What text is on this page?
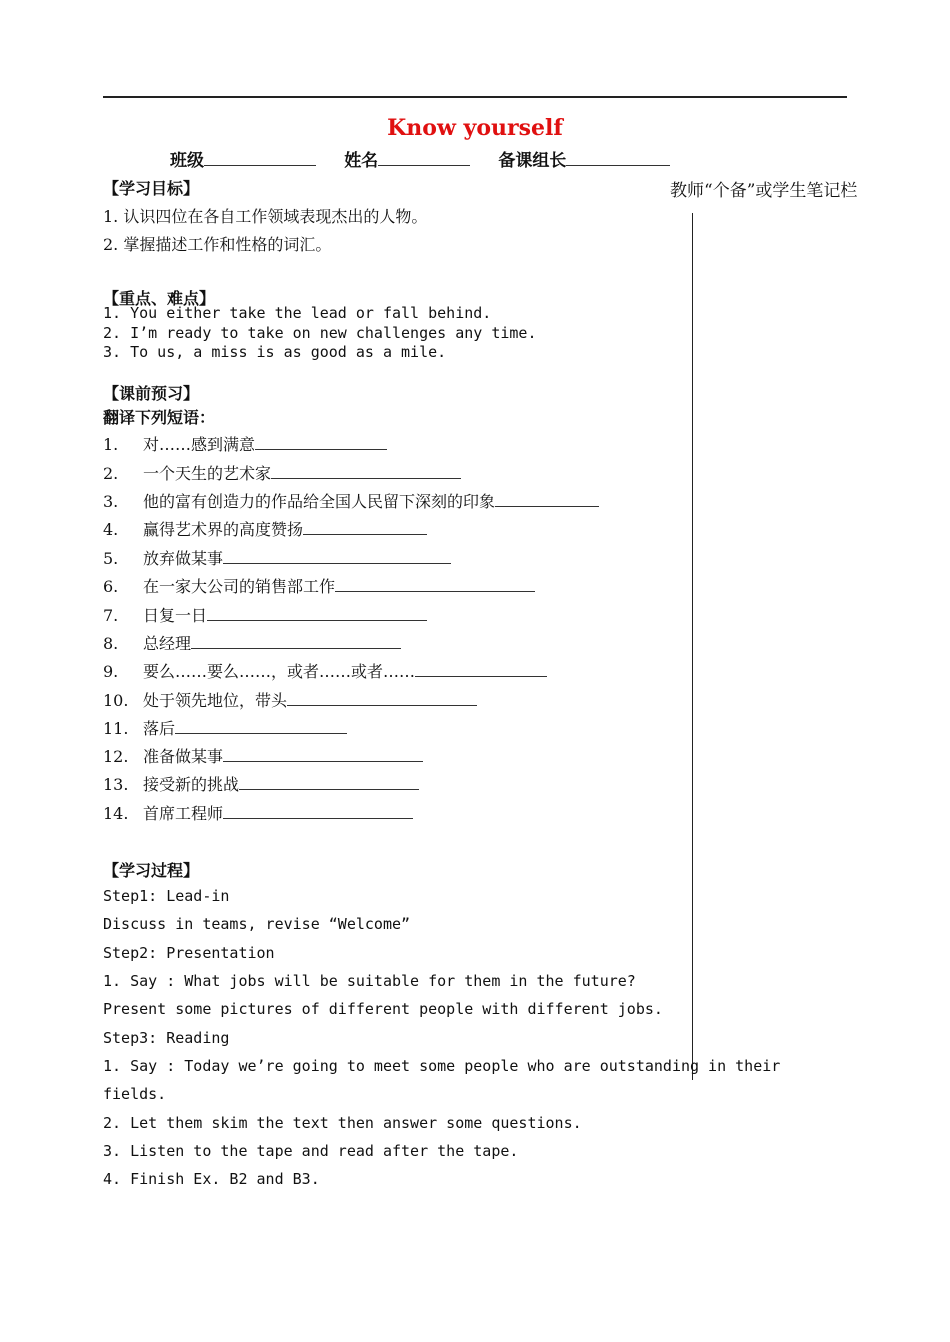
Know yourself
班级	姓名	备课组长
教师“个备”或学生笔记栏
【学习目标】
1. 认识四位在各自工作领域表现杰出的人物。
2. 掌握描述工作和性格的词汇。
【重点、难点】
1. You either take the lead or fall behind.
2. I’m ready to take on new challenges any time.
3. To us, a miss is as good as a mile.
【课前预习】
翻译下列短语：
1. 对……感到满意
2. 一个天生的艺术家
3. 他的富有创造力的作品给全国人民留下深刻的印象
4. 赢得艺术界的高度赞扬
5. 放弃做某事
6. 在一家大公司的销售部工作
7. 日复一日
8. 总经理
9. 要么……要么……，或者……或者……
10. 处于领先地位，带头
11. 落后
12. 准备做某事
13. 接受新的挑战
14. 首席工程师
【学习过程】
Step1: Lead-in
Discuss in teams, revise “Welcome”
Step2: Presentation
1. Say : What jobs will be suitable for them in the future?
Present some pictures of different people with different jobs.
Step3: Reading
1. Say : Today we’re going to meet some people who are outstanding in their
fields.
2. Let them skim the text then answer some questions.
3. Listen to the tape and read after the tape.
4. Finish Ex. B2 and B3.
